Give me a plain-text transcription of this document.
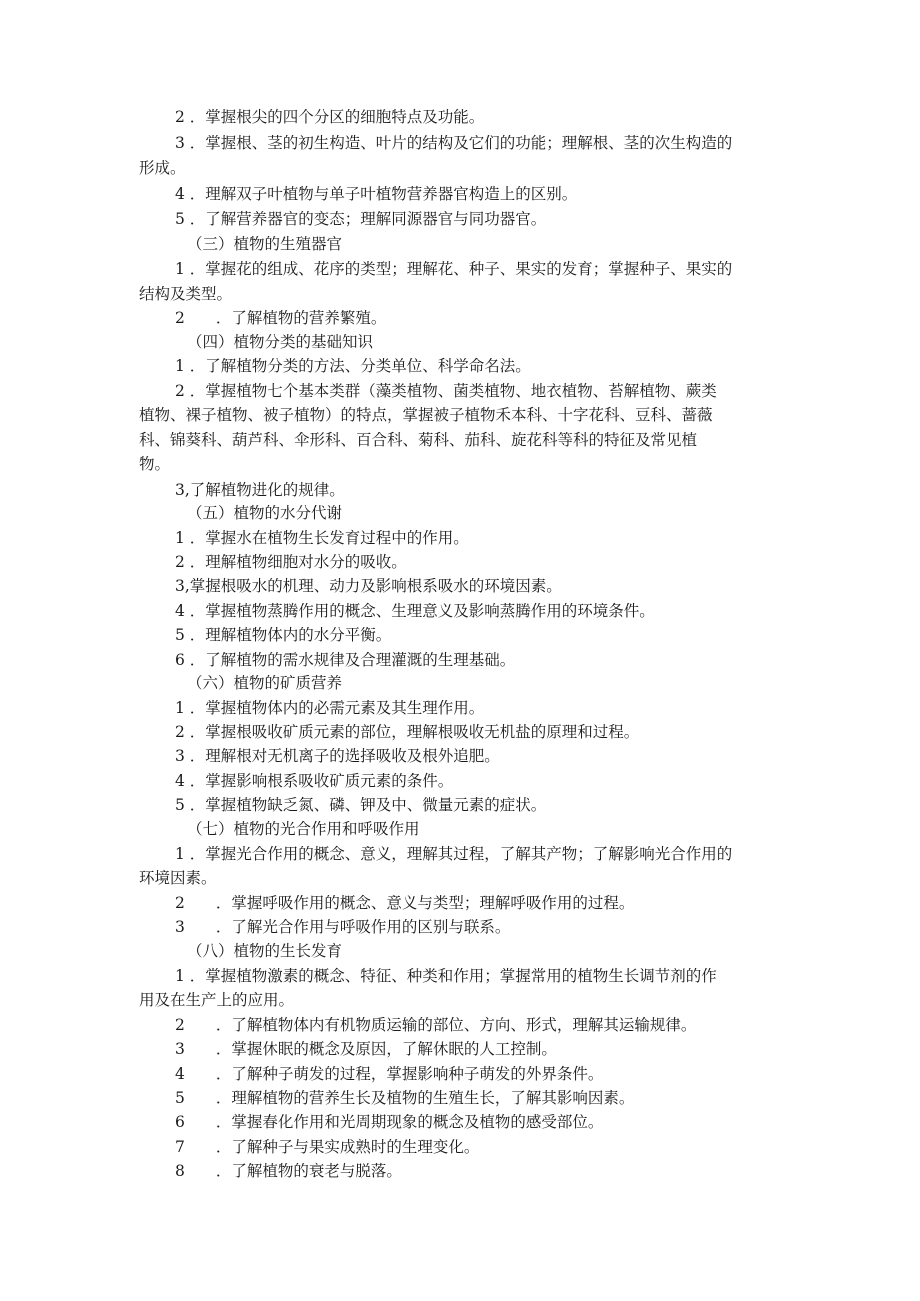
2 ．掌握根尖的四个分区的细胞特点及功能。
3 ．掌握根、茎的初生构造、叶片的结构及它们的功能；理解根、茎的次生构造的
形成。
4 ．理解双子叶植物与单子叶植物营养器官构造上的区别。
5 ．了解营养器官的变态；理解同源器官与同功器官。
（三）植物的生殖器官
1 ．掌握花的组成、花序的类型；理解花、种子、果实的发育；掌握种子、果实的
结构及类型。
2　　．了解植物的营养繁殖。
（四）植物分类的基础知识
1 ．了解植物分类的方法、分类单位、科学命名法。
2 ．掌握植物七个基本类群（藻类植物、菌类植物、地衣植物、苔解植物、蕨类
植物、裸子植物、被子植物）的特点，掌握被子植物禾本科、十字花科、豆科、蔷薇
科、锦葵科、葫芦科、伞形科、百合科、菊科、茄科、旋花科等科的特征及常见植
物。
3,了解植物进化的规律。
（五）植物的水分代谢
1 ．掌握水在植物生长发育过程中的作用。
2 ．理解植物细胞对水分的吸收。
3,掌握根吸水的机理、动力及影响根系吸水的环境因素。
4 ．掌握植物蒸腾作用的概念、生理意义及影响蒸腾作用的环境条件。
5 ．理解植物体内的水分平衡。
6 ．了解植物的需水规律及合理灌溉的生理基础。
（六）植物的矿质营养
1 ．掌握植物体内的必需元素及其生理作用。
2 ．掌握根吸收矿质元素的部位，理解根吸收无机盐的原理和过程。
3 ．理解根对无机离子的选择吸收及根外追肥。
4 ．掌握影响根系吸收矿质元素的条件。
5 ．掌握植物缺乏氮、磷、钾及中、微量元素的症状。
（七）植物的光合作用和呼吸作用
1 ．掌握光合作用的概念、意义，理解其过程，了解其产物；了解影响光合作用的
环境因素。
2　　．掌握呼吸作用的概念、意义与类型；理解呼吸作用的过程。
3　　．了解光合作用与呼吸作用的区别与联系。
（八）植物的生长发育
1 ．掌握植物激素的概念、特征、种类和作用；掌握常用的植物生长调节剂的作
用及在生产上的应用。
2　　．了解植物体内有机物质运输的部位、方向、形式，理解其运输规律。
3　　．掌握休眠的概念及原因，了解休眠的人工控制。
4　　．了解种子萌发的过程，掌握影响种子萌发的外界条件。
5　　．理解植物的营养生长及植物的生殖生长，了解其影响因素。
6　　．掌握春化作用和光周期现象的概念及植物的感受部位。
7　　．了解种子与果实成熟时的生理变化。
8　　．了解植物的衰老与脱落。
